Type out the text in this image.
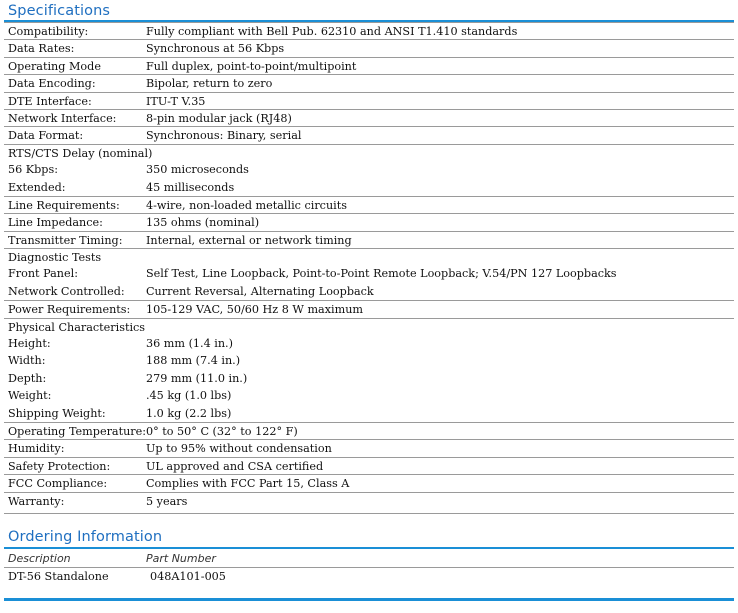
Specifications
Compatibility:	Fully compliant with Bell Pub. 62310 and ANSI T1.410 standards
Data Rates:	Synchronous at 56 Kbps
Operating Mode	Full duplex, point-to-point/multipoint
Data Encoding:	Bipolar, return to zero
DTE Interface:	ITU-T V.35
Network Interface:	8-pin modular jack (RJ48)
Data Format:	Synchronous: Binary, serial
RTS/CTS Delay (nominal)
56 Kbps:	350 microseconds
Extended:	45 milliseconds
Line Requirements: 4-wire, non-loaded metallic circuits
Line Impedance:	135 ohms (nominal)
Transmitter Timing: Internal, external or network timing
Diagnostic Tests
Front Panel:	Self Test, Line Loopback, Point-to-Point Remote Loopback; V.54/PN 127 Loopbacks
Network Controlled: Current Reversal, Alternating Loopback
Power Requirements: 105-129 VAC, 50/60 Hz 8 W maximum
Physical Characteristics
Height:	36 mm (1.4 in.)
Width:	188 mm (7.4 in.)
Depth:	279 mm (11.0 in.)
Weight:	.45 kg (1.0 lbs)
Shipping Weight:	1.0 kg (2.2 lbs)
Operating Temperature: 0° to 50° C (32° to 122° F)
Humidity:	Up to 95% without condensation
Safety Protection:	UL approved and CSA certified
FCC Compliance:	Complies with FCC Part 15, Class A
Warranty:	5 years
Ordering Information
Description	Part Number
DT-56 Standalone	048A101-005
